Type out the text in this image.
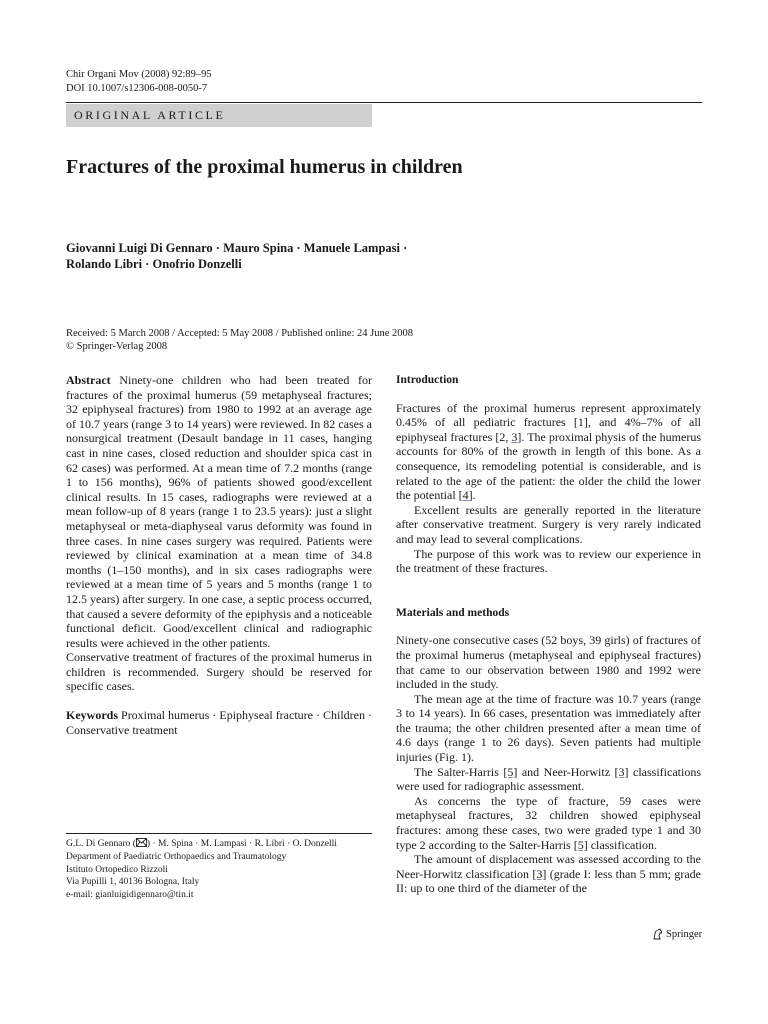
Chir Organi Mov (2008) 92:89–95
DOI 10.1007/s12306-008-0050-7
ORIGINAL ARTICLE
Fractures of the proximal humerus in children
Giovanni Luigi Di Gennaro · Mauro Spina · Manuele Lampasi ·
Rolando Libri · Onofrio Donzelli
Received: 5 March 2008 / Accepted: 5 May 2008 / Published online: 24 June 2008
© Springer-Verlag 2008

Abstract Ninety-one children who had been treated for fractures of the proximal humerus (59 metaphyseal fractures; 32 epiphyseal fractures) from 1980 to 1992 at an average age of 10.7 years (range 3 to 14 years) were reviewed. In 82 cases a nonsurgical treatment (Desault bandage in 11 cases, hanging cast in nine cases, closed reduction and shoulder spica cast in 62 cases) was performed. At a mean time of 7.2 months (range 1 to 156 months), 96% of patients showed good/excellent clinical results. In 15 cases, radiographs were reviewed at a mean follow-up of 8 years (range 1 to 23.5 years): just a slight metaphyseal or meta-diaphyseal varus deformity was found in three cases. In nine cases surgery was required. Patients were reviewed by clinical examination at a mean time of 34.8 months (1–150 months), and in six cases radiographs were reviewed at a mean time of 5 years and 5 months (range 1 to 12.5 years) after surgery. In one case, a septic process occurred, that caused a severe deformity of the epiphysis and a noticeable functional deficit. Good/excellent clinical and radiographic results were achieved in the other patients.

Conservative treatment of fractures of the proximal humerus in children is recommended. Surgery should be reserved for specific cases.

Keywords Proximal humerus · Epiphyseal fracture · Children · Conservative treatment

G.L. Di Gennaro ( ) · M. Spina · M. Lampasi · R. Libri · O. Donzelli
Department of Paediatric Orthopaedics and Traumatology
Istituto Ortopedico Rizzoli
Via Pupilli 1, 40136 Bologna, Italy
e-mail: gianluigidigennaro@tin.it

Introduction

Fractures of the proximal humerus represent approximately 0.45% of all pediatric fractures [1], and 4%–7% of all epiphyseal fractures [2, 3]. The proximal physis of the humerus accounts for 80% of the growth in length of this bone. As a consequence, its remodeling potential is considerable, and is related to the age of the patient: the older the child the lower the potential [4].

Excellent results are generally reported in the literature after conservative treatment. Surgery is very rarely indicated and may lead to several complications.

The purpose of this work was to review our experience in the treatment of these fractures.

Materials and methods

Ninety-one consecutive cases (52 boys, 39 girls) of fractures of the proximal humerus (metaphyseal and epiphyseal fractures) that came to our observation between 1980 and 1992 were included in the study.

The mean age at the time of fracture was 10.7 years (range 3 to 14 years). In 66 cases, presentation was immediately after the trauma; the other children presented after a mean time of 4.6 days (range 1 to 26 days). Seven patients had multiple injuries (Fig. 1).

The Salter-Harris [5] and Neer-Horwitz [3] classifications were used for radiographic assessment.

As concerns the type of fracture, 59 cases were metaphyseal fractures, 32 children showed epiphyseal fractures: among these cases, two were graded type 1 and 30 type 2 according to the Salter-Harris [5] classification.

The amount of displacement was assessed according to the Neer-Horwitz classification [3] (grade I: less than 5 mm; grade II: up to one third of the diameter of the

Springer
